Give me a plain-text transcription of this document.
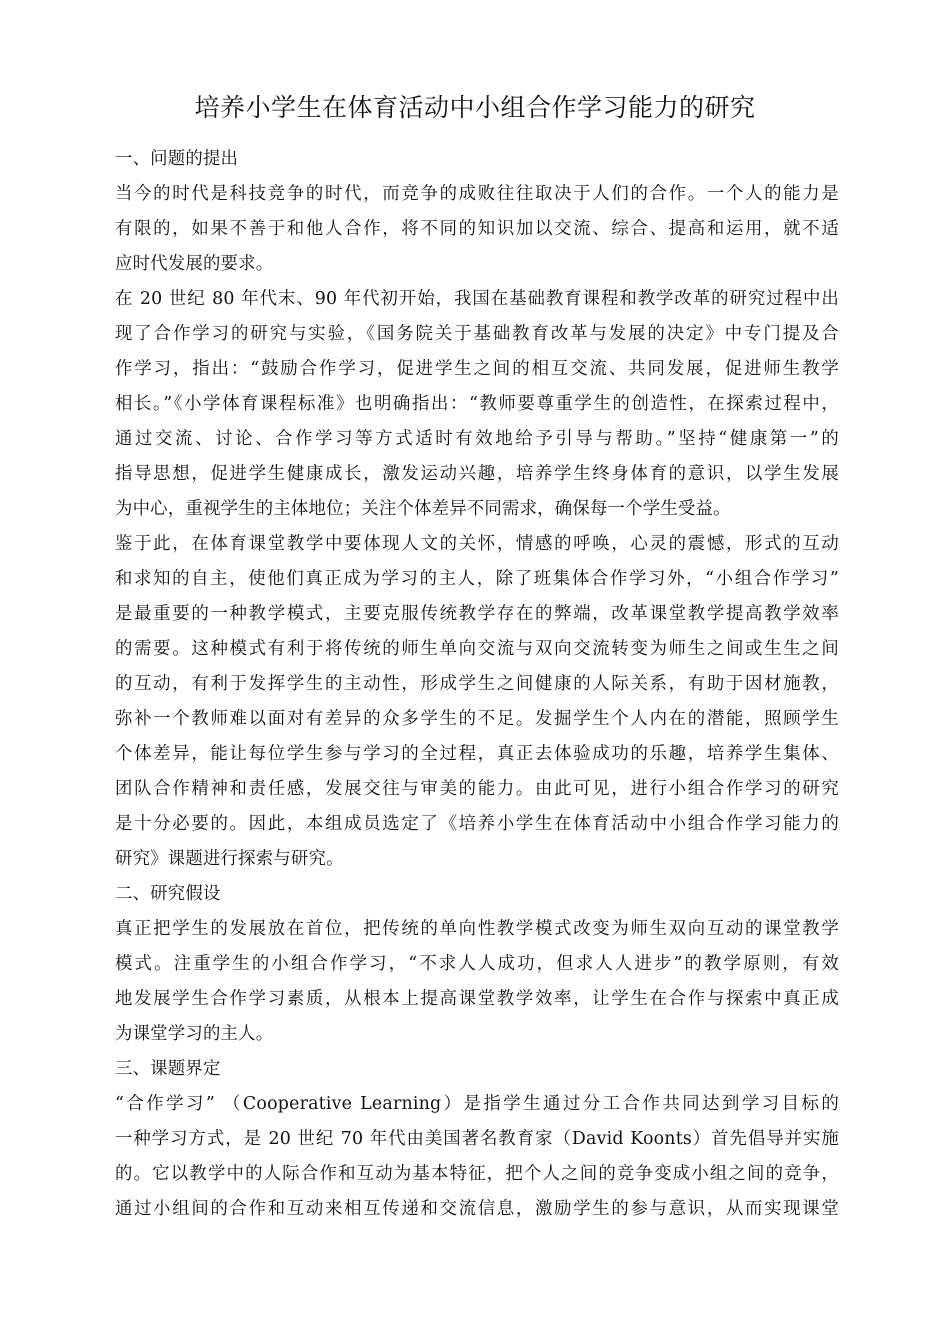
培养小学生在体育活动中小组合作学习能力的研究
一、问题的提出
当今的时代是科技竞争的时代，而竞争的成败往往取决于人们的合作。一个人的能力是
有限的，如果不善于和他人合作，将不同的知识加以交流、综合、提高和运用，就不适
应时代发展的要求。
在 20 世纪 80 年代末、90 年代初开始，我国在基础教育课程和教学改革的研究过程中出
现了合作学习的研究与实验，《国务院关于基础教育改革与发展的决定》中专门提及合
作学习，指出：“鼓励合作学习，促进学生之间的相互交流、共同发展，促进师生教学
相长。”《小学体育课程标准》也明确指出：“教师要尊重学生的创造性，在探索过程中，
通过交流、讨论、合作学习等方式适时有效地给予引导与帮助。”坚持“健康第一”的
指导思想，促进学生健康成长，激发运动兴趣，培养学生终身体育的意识，以学生发展
为中心，重视学生的主体地位；关注个体差异不同需求，确保每一个学生受益。
鉴于此，在体育课堂教学中要体现人文的关怀，情感的呼唤，心灵的震憾，形式的互动
和求知的自主，使他们真正成为学习的主人，除了班集体合作学习外，“小组合作学习”
是最重要的一种教学模式，主要克服传统教学存在的弊端，改革课堂教学提高教学效率
的需要。这种模式有利于将传统的师生单向交流与双向交流转变为师生之间或生生之间
的互动，有利于发挥学生的主动性，形成学生之间健康的人际关系，有助于因材施教，
弥补一个教师难以面对有差异的众多学生的不足。发掘学生个人内在的潜能，照顾学生
个体差异，能让每位学生参与学习的全过程，真正去体验成功的乐趣，培养学生集体、
团队合作精神和责任感，发展交往与审美的能力。由此可见，进行小组合作学习的研究
是十分必要的。因此，本组成员选定了《培养小学生在体育活动中小组合作学习能力的
研究》课题进行探索与研究。
二、研究假设
真正把学生的发展放在首位，把传统的单向性教学模式改变为师生双向互动的课堂教学
模式。注重学生的小组合作学习，“不求人人成功，但求人人进步”的教学原则，有效
地发展学生合作学习素质，从根本上提高课堂教学效率，让学生在合作与探索中真正成
为课堂学习的主人。
三、课题界定
“合作学习” （Cooperative Learning）是指学生通过分工合作共同达到学习目标的
一种学习方式，是 20 世纪 70 年代由美国著名教育家（David Koonts）首先倡导并实施
的。它以教学中的人际合作和互动为基本特征，把个人之间的竞争变成小组之间的竞争，
通过小组间的合作和互动来相互传递和交流信息，激励学生的参与意识，从而实现课堂
